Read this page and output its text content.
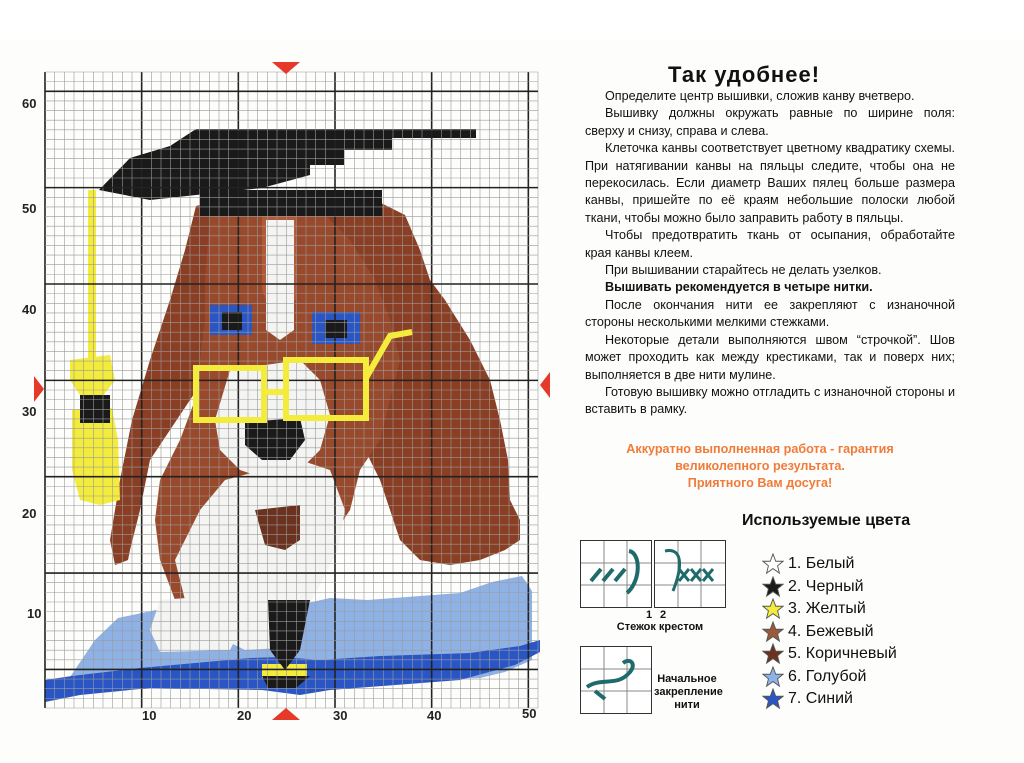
60
50
40
30
20
10
10	20	30	40	50
Так удобнее!

Определите центр вышивки, сложив канву вчетверо.

Вышивку должны окружать равные по ширине поля: сверху и снизу, справа и слева.

Клеточка канвы соответствует цветному квадратику схемы. При натягивании канвы на пяльцы следите, чтобы она не перекосилась. Если диаметр Ваших пялец больше размера канвы, пришейте по её краям небольшие полоски любой ткани, чтобы можно было заправить работу в пяльцы.

Чтобы предотвратить ткань от осыпания, обработайте края канвы клеем.

При вышивании старайтесь не делать узелков.

Вышивать рекомендуется в четыре нитки.

После окончания нити ее закрепляют с изнаночной стороны несколькими мелкими стежками.

Некоторые детали выполняются швом “строчкой”. Шов может проходить как между крестиками, так и поверх них; выполняется в две нити мулине.

Готовую вышивку можно отгладить с изнаночной стороны и вставить в рамку.

Аккуратно выполненная работа - гарантия
великолепного результата.
Приятного Вам досуга!
1 2
Стежок крестом
Начальное
закрепление
нити
Используемые цвета
1. Белый
2. Черный
3. Желтый
4. Бежевый
5. Коричневый
6. Голубой
7. Синий
